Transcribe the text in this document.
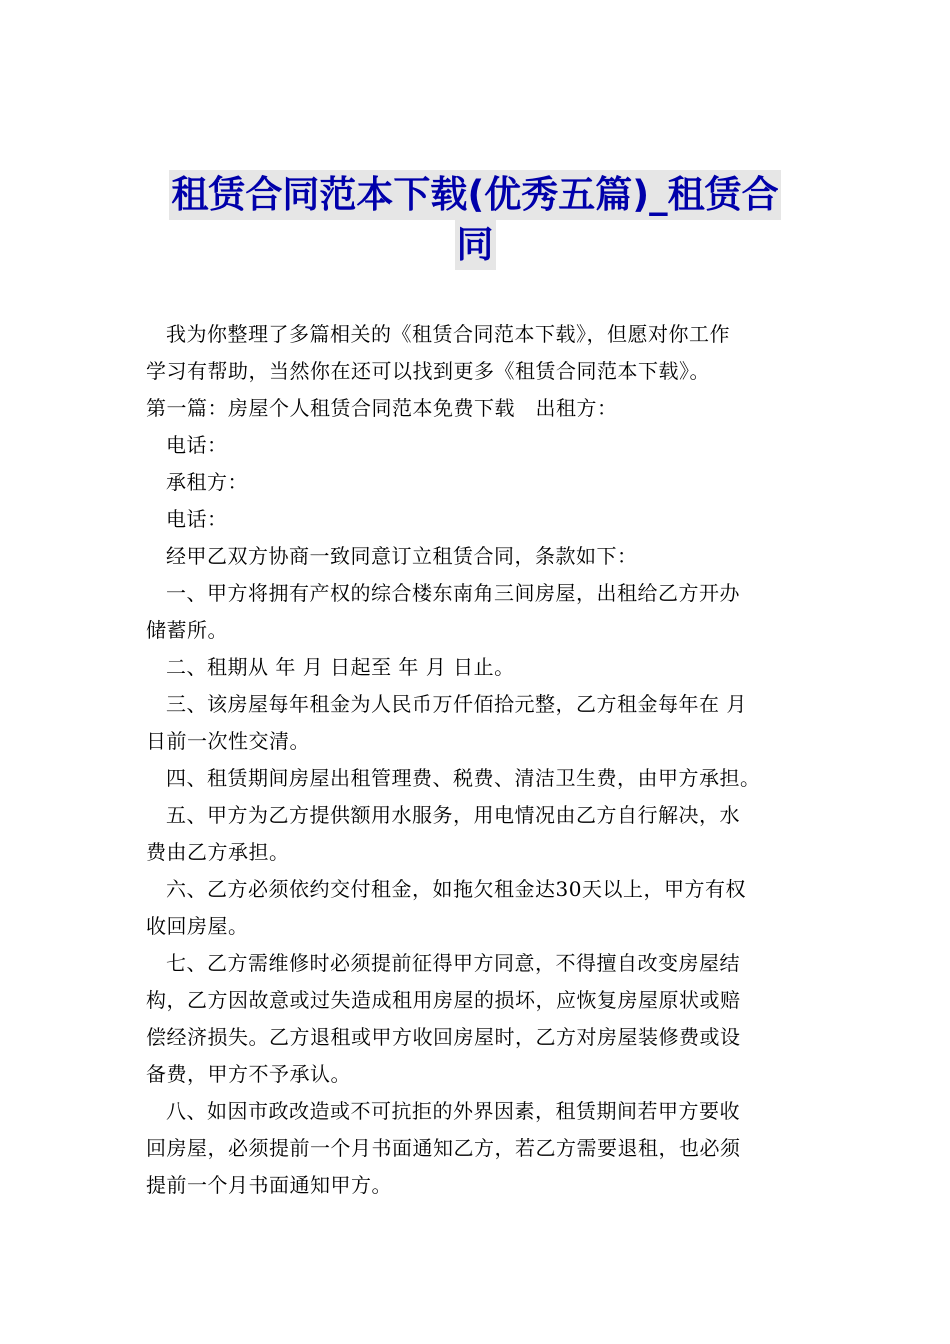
租赁合同范本下载(优秀五篇)_租赁合
同

我为你整理了多篇相关的《租赁合同范本下载》，但愿对你工作

学习有帮助，当然你在还可以找到更多《租赁合同范本下载》。

第一篇：房屋个人租赁合同范本免费下载　出租方：

电话：

承租方：

电话：

经甲乙双方协商一致同意订立租赁合同，条款如下：

一、甲方将拥有产权的综合楼东南角三间房屋，出租给乙方开办

储蓄所。

二、租期从 年 月 日起至 年 月 日止。

三、该房屋每年租金为人民币万仟佰拾元整，乙方租金每年在 月

日前一次性交清。

四、租赁期间房屋出租管理费、税费、清洁卫生费，由甲方承担。

五、甲方为乙方提供额用水服务，用电情况由乙方自行解决，水

费由乙方承担。

六、乙方必须依约交付租金，如拖欠租金达30天以上，甲方有权

收回房屋。

七、乙方需维修时必须提前征得甲方同意，不得擅自改变房屋结

构，乙方因故意或过失造成租用房屋的损坏，应恢复房屋原状或赔

偿经济损失。乙方退租或甲方收回房屋时，乙方对房屋装修费或设

备费，甲方不予承认。

八、如因市政改造或不可抗拒的外界因素，租赁期间若甲方要收

回房屋，必须提前一个月书面通知乙方，若乙方需要退租，也必须

提前一个月书面通知甲方。
